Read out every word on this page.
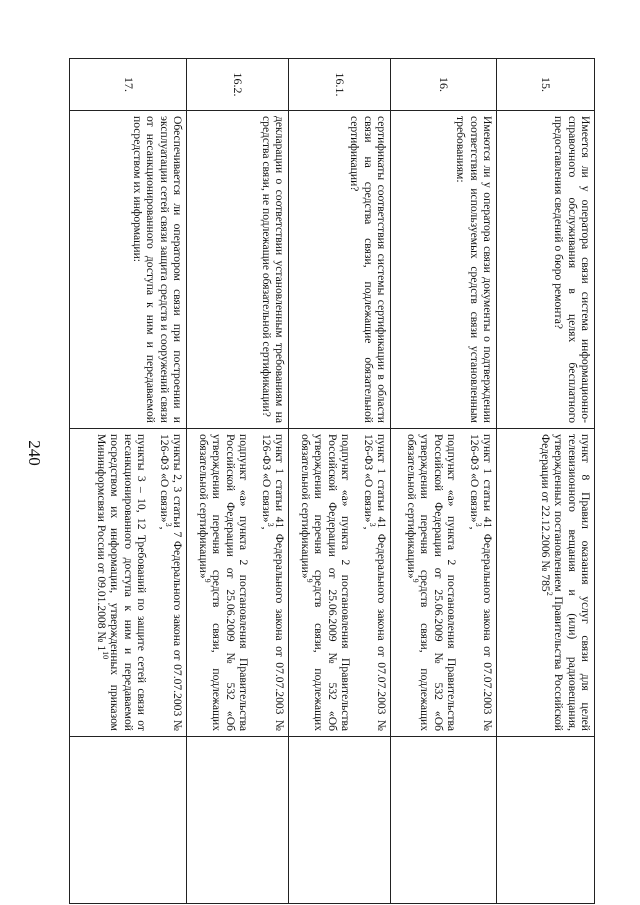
240
15.	Имеется ли у оператора связи система информационно-справочного обслуживания в целях бесплатного предоставления сведений о бюро ремонта?	пункт 8 Правил оказания услуг связи для целей телевизионного вещания и (или) радиовещания, утвержденных постановлением Правительства Российской Федерации от 22.12.2006 № $785^2$

16.	Имеются ли у оператора связи документы о подтверждении соответствия используемых средств связи установленным требованиям:	пункт 1 статьи 41 Федерального закона от 07.07.2003 № 126-ФЗ «О связи»$^3$,

подпункт «а» пункта 2 постановления Правительства Российской Федерации от 25.06.2009 № 532 «Об утверждении перечня средств связи, подлежащих обязательной сертификации»$^9$

16.1.	сертификаты соответствия системы сертификации в области связи на средства связи, подлежащие обязательной сертификации?	пункт 1 статьи 41 Федерального закона от 07.07.2003 № 126-ФЗ «О связи»$^3$,

подпункт «а» пункта 2 постановления Правительства Российской Федерации от 25.06.2009 № 532 «Об утверждении перечня средств связи, подлежащих обязательной сертификации»$^9$

16.2.	декларации о соответствии установленным требованиям на средства связи, не подлежащие обязательной сертификации?	пункт 1 статьи 41 Федерального закона от 07.07.2003 № 126-ФЗ «О связи»$^3$,

подпункт «а» пункта 2 постановления Правительства Российской Федерации от 25.06.2009 № 532 «Об утверждении перечня средств связи, подлежащих обязательной сертификации»$^9$

17.	Обеспечивается ли оператором связи при построении и эксплуатации сетей связи защита средств и сооружений связи от несанкционированного доступа к ним и передаваемой посредством их информации:	пункты 2, 3 статьи 7 Федерального закона от 07.07.2003 № 126-ФЗ «О связи»$^3$,

пункты 3 – 10, 12 Требований по защите сетей связи от несанкционированного доступа к ним и передаваемой посредством их информации, утвержденных приказом Мининформсвязи России от 09.01.2008 № $1^{10}$
